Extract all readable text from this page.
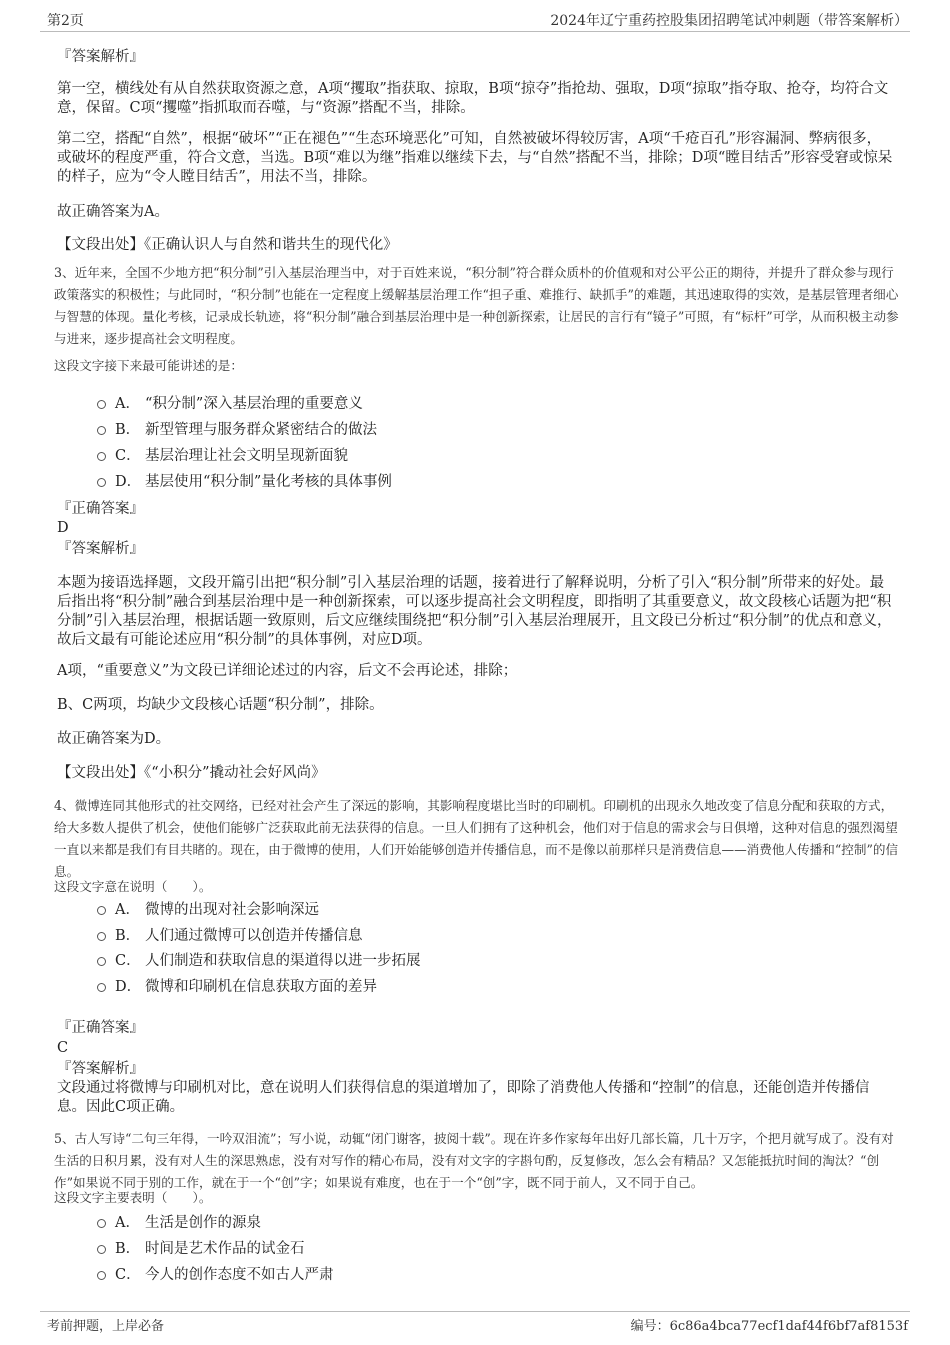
第2页	2024年辽宁重药控股集团招聘笔试冲刺题（带答案解析）
『答案解析』
第一空，横线处有从自然获取资源之意，A项“攫取”指获取、掠取，B项“掠夺”指抢劫、强取，D项“掠取”指夺取、抢夺，均符合文意，保留。C项“攫噬”指抓取而吞噬，与“资源”搭配不当，排除。
第二空，搭配“自然”，根据“破坏”“正在褪色”“生态环境恶化”可知，自然被破坏得较厉害，A项“千疮百孔”形容漏洞、弊病很多，或破坏的程度严重，符合文意，当选。B项“难以为继”指难以继续下去，与“自然”搭配不当，排除；D项“瞠目结舌”形容受窘或惊呆的样子，应为“令人瞠目结舌”，用法不当，排除。
故正确答案为A。
【文段出处】《正确认识人与自然和谐共生的现代化》
3、近年来，全国不少地方把“积分制”引入基层治理当中，对于百姓来说，“积分制”符合群众质朴的价值观和对公平公正的期待，并提升了群众参与现行政策落实的积极性；与此同时，“积分制”也能在一定程度上缓解基层治理工作“担子重、难推行、缺抓手”的难题，其迅速取得的实效，是基层管理者细心与智慧的体现。量化考核，记录成长轨迹，将“积分制”融合到基层治理中是一种创新探索，让居民的言行有“镜子”可照，有“标杆”可学，从而积极主动参与进来，逐步提高社会文明程度。
这段文字接下来最可能讲述的是：
A． “积分制”深入基层治理的重要意义
B． 新型管理与服务群众紧密结合的做法
C． 基层治理让社会文明呈现新面貌
D． 基层使用“积分制”量化考核的具体事例
『正确答案』
D
『答案解析』
本题为接语选择题，文段开篇引出把“积分制”引入基层治理的话题，接着进行了解释说明，分析了引入“积分制”所带来的好处。最后指出将“积分制”融合到基层治理中是一种创新探索，可以逐步提高社会文明程度，即指明了其重要意义，故文段核心话题为把“积分制”引入基层治理，根据话题一致原则，后文应继续围绕把“积分制”引入基层治理展开，且文段已分析过“积分制”的优点和意义，故后文最有可能论述应用“积分制”的具体事例，对应D项。
A项，“重要意义”为文段已详细论述过的内容，后文不会再论述，排除；
B、C两项，均缺少文段核心话题“积分制”，排除。
故正确答案为D。
【文段出处】《“小积分”撬动社会好风尚》
4、微博连同其他形式的社交网络，已经对社会产生了深远的影响，其影响程度堪比当时的印刷机。印刷机的出现永久地改变了信息分配和获取的方式，给大多数人提供了机会，使他们能够广泛获取此前无法获得的信息。一旦人们拥有了这种机会，他们对于信息的需求会与日俱增，这种对信息的强烈渴望一直以来都是我们有目共睹的。现在，由于微博的使用，人们开始能够创造并传播信息，而不是像以前那样只是消费信息——消费他人传播和“控制”的信息。
这段文字意在说明（　　）。
A． 微博的出现对社会影响深远
B． 人们通过微博可以创造并传播信息
C． 人们制造和获取信息的渠道得以进一步拓展
D． 微博和印刷机在信息获取方面的差异
『正确答案』
C
『答案解析』
文段通过将微博与印刷机对比，意在说明人们获得信息的渠道增加了，即除了消费他人传播和“控制”的信息，还能创造并传播信息。因此C项正确。
5、古人写诗“二句三年得，一吟双泪流”；写小说，动辄“闭门谢客，披阅十载”。现在许多作家每年出好几部长篇，几十万字，个把月就写成了。没有对生活的日积月累，没有对人生的深思熟虑，没有对写作的精心布局，没有对文字的字斟句酌，反复修改，怎么会有精品？又怎能抵抗时间的淘汰？“创作”如果说不同于别的工作，就在于一个“创”字；如果说有难度，也在于一个“创”字，既不同于前人，又不同于自己。
这段文字主要表明（　　）。
A． 生活是创作的源泉
B． 时间是艺术作品的试金石
C． 今人的创作态度不如古人严肃
考前押题，上岸必备	编号：6c86a4bca77ecf1daf44f6bf7af8153f
